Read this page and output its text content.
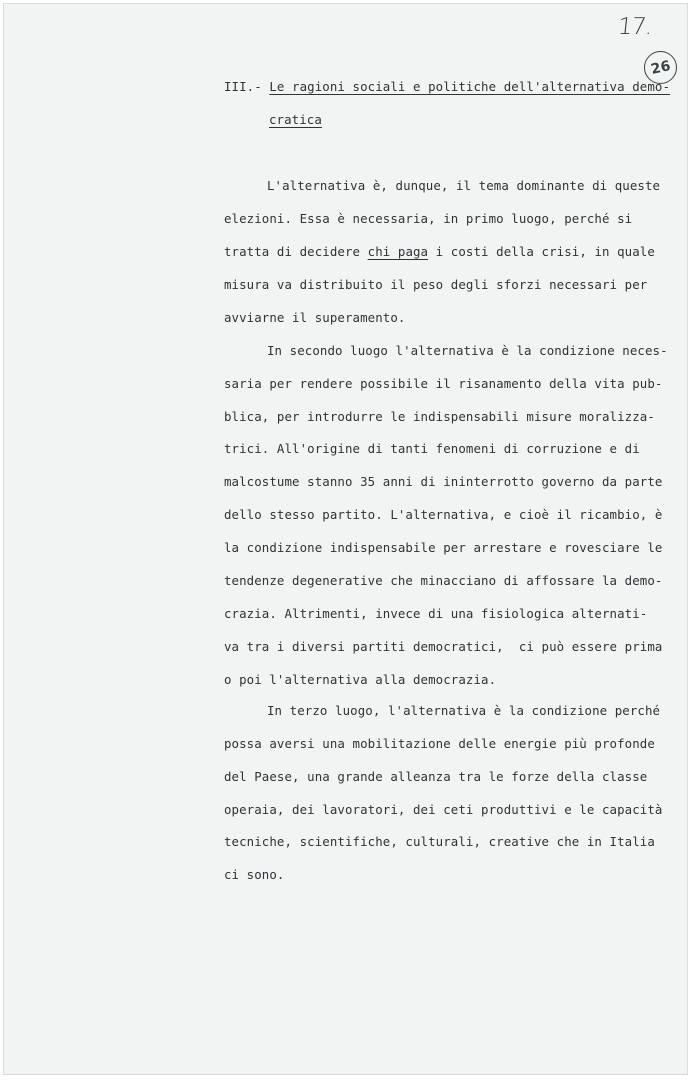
17.
26
III.- Le ragioni sociali e politiche dell'alternativa demo-
cratica
L'alternativa è, dunque, il tema dominante di queste
elezioni. Essa è necessaria, in primo luogo, perché si
tratta di decidere chi paga i costi della crisi, in quale
misura va distribuito il peso degli sforzi necessari per
avviarne il superamento.
In secondo luogo l'alternativa è la condizione neces-
saria per rendere possibile il risanamento della vita pub-
blica, per introdurre le indispensabili misure moralizza-
trici. All'origine di tanti fenomeni di corruzione e di
malcostume stanno 35 anni di ininterrotto governo da parte
dello stesso partito. L'alternativa, e cioè il ricambio, è
la condizione indispensabile per arrestare e rovesciare le
tendenze degenerative che minacciano di affossare la demo-
crazia. Altrimenti, invece di una fisiologica alternati-
va tra i diversi partiti democratici,  ci può essere prima
o poi l'alternativa alla democrazia.
In terzo luogo, l'alternativa è la condizione perché
possa aversi una mobilitazione delle energie più profonde
del Paese, una grande alleanza tra le forze della classe
operaia, dei lavoratori, dei ceti produttivi e le capacità
tecniche, scientifiche, culturali, creative che in Italia
ci sono.
